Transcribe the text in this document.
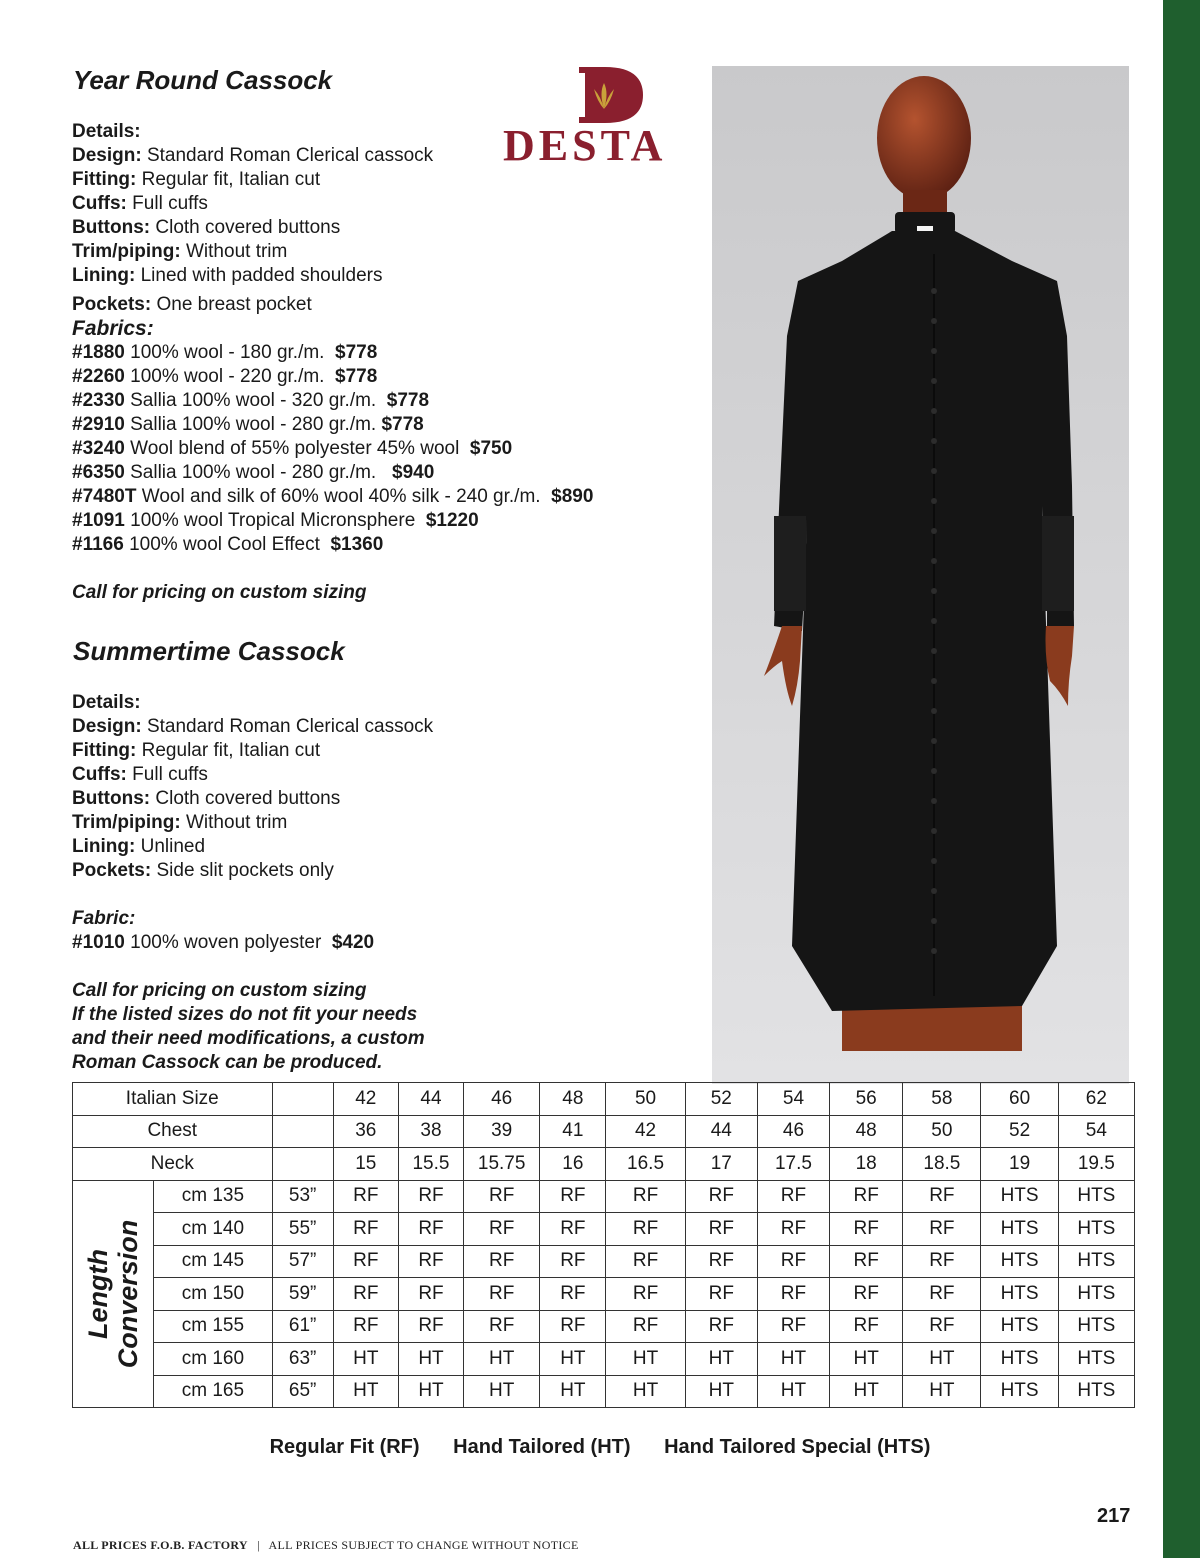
Year Round Cassock
Details:
Design: Standard Roman Clerical cassock
Fitting: Regular fit, Italian cut
Cuffs: Full cuffs
Buttons: Cloth covered buttons
Trim/piping: Without trim
Lining: Lined with padded shoulders
Pockets: One breast pocket
Fabrics:
#1880 100% wool - 180 gr./m. $778
#2260 100% wool - 220 gr./m. $778
#2330 Sallia 100% wool - 320 gr./m. $778
#2910 Sallia 100% wool - 280 gr./m. $778
#3240 Wool blend of 55% polyester 45% wool $750
#6350 Sallia 100% wool - 280 gr./m. $940
#7480T Wool and silk of 60% wool 40% silk - 240 gr./m. $890
#1091 100% wool Tropical Micronsphere $1220
#1166 100% wool Cool Effect $1360
Call for pricing on custom sizing
Summertime Cassock
Details:
Design: Standard Roman Clerical cassock
Fitting: Regular fit, Italian cut
Cuffs: Full cuffs
Buttons: Cloth covered buttons
Trim/piping: Without trim
Lining: Unlined
Pockets: Side slit pockets only
Fabric:
#1010 100% woven polyester $420
Call for pricing on custom sizing
If the listed sizes do not fit your needs
and their need modifications, a custom
Roman Cassock can be produced.
DESTA
Italian Size			42	44	46	48	50	52	54	56	58	60	62
Chest			36	38	39	41	42	44	46	48	50	52	54
Neck			15	15.5	15.75	16	16.5	17	17.5	18	18.5	19	19.5

Length Conversion	cm 135	53”	RF	RF	RF	RF	RF	RF	RF	RF	RF	HTS	HTS
	cm 140	55”	RF	RF	RF	RF	RF	RF	RF	RF	RF	HTS	HTS
	cm 145	57”	RF	RF	RF	RF	RF	RF	RF	RF	RF	HTS	HTS
	cm 150	59”	RF	RF	RF	RF	RF	RF	RF	RF	RF	HTS	HTS
	cm 155	61”	RF	RF	RF	RF	RF	RF	RF	RF	RF	HTS	HTS
	cm 160	63”	HT	HT	HT	HT	HT	HT	HT	HT	HT	HTS	HTS
	cm 165	65”	HT	HT	HT	HT	HT	HT	HT	HT	HT	HTS	HTS
Regular Fit (RF) Hand Tailored (HT) Hand Tailored Special (HTS)
ALL PRICES F.O.B. FACTORY | ALL PRICES SUBJECT TO CHANGE WITHOUT NOTICE
217
